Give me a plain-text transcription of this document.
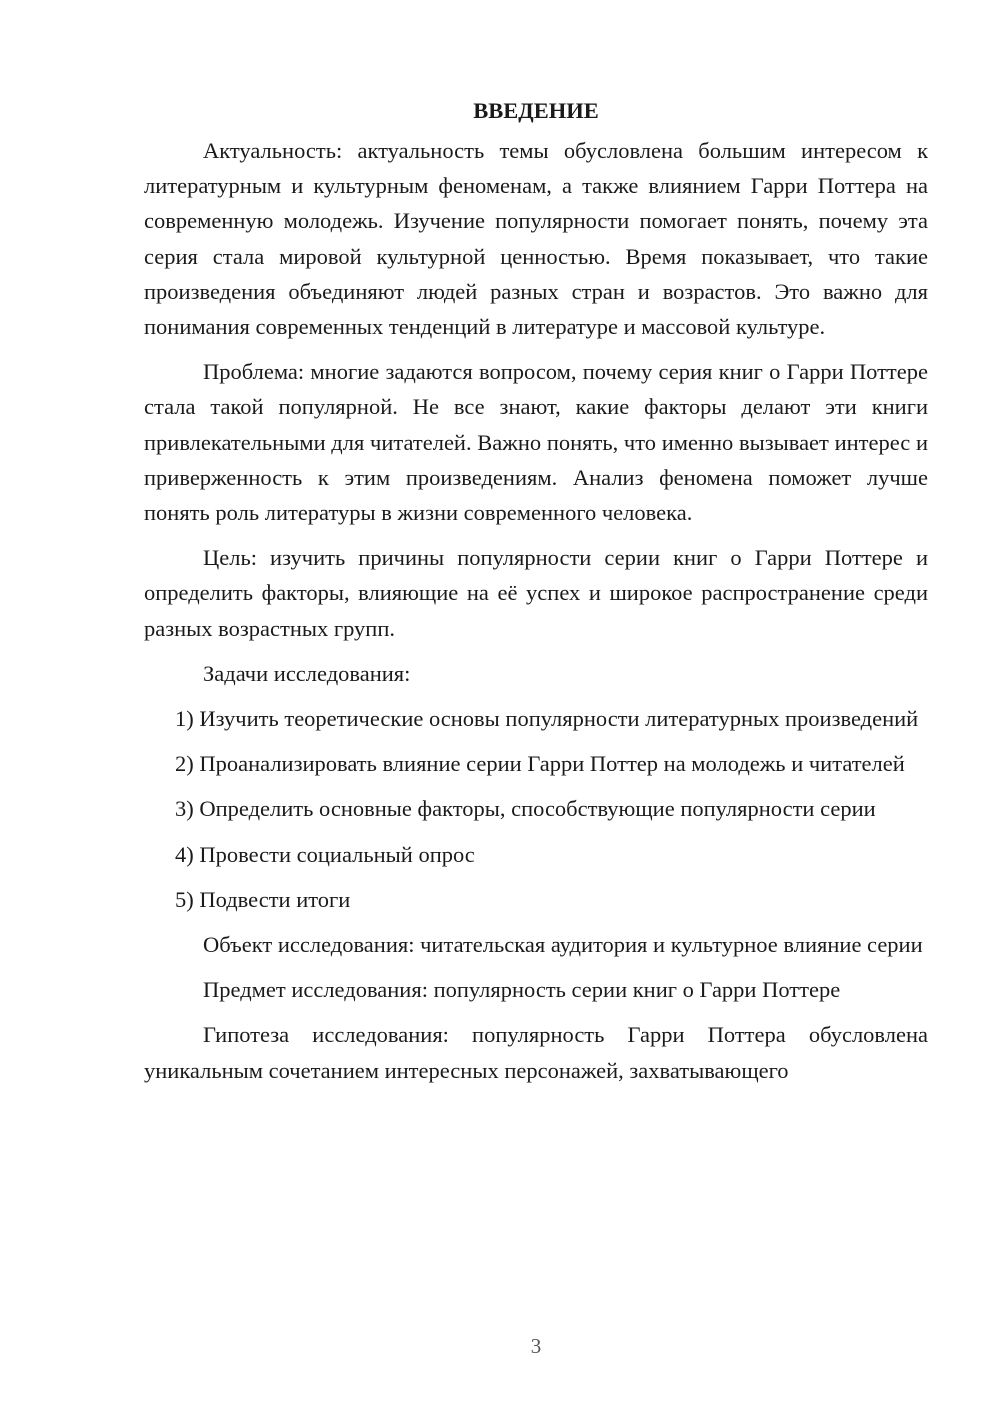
ВВЕДЕНИЕ

Актуальность: актуальность темы обусловлена большим интересом к литературным и культурным феноменам, а также влиянием Гарри Поттера на современную молодежь. Изучение популярности помогает понять, почему эта серия стала мировой культурной ценностью. Время показывает, что такие произведения объединяют людей разных стран и возрастов. Это важно для понимания современных тенденций в литературе и массовой культуре.

Проблема: многие задаются вопросом, почему серия книг о Гарри Поттере стала такой популярной. Не все знают, какие факторы делают эти книги привлекательными для читателей. Важно понять, что именно вызывает интерес и приверженность к этим произведениям. Анализ феномена поможет лучше понять роль литературы в жизни современного человека.

Цель: изучить причины популярности серии книг о Гарри Поттере и определить факторы, влияющие на её успех и широкое распространение среди разных возрастных групп.

Задачи исследования:

1) Изучить теоретические основы популярности литературных произведений

2) Проанализировать влияние серии Гарри Поттер на молодежь и читателей

3) Определить основные факторы, способствующие популярности серии

4) Провести социальный опрос

5) Подвести итоги

Объект исследования: читательская аудитория и культурное влияние серии

Предмет исследования: популярность серии книг о Гарри Поттере

Гипотеза исследования: популярность Гарри Поттера обусловлена уникальным сочетанием интересных персонажей, захватывающего

3
